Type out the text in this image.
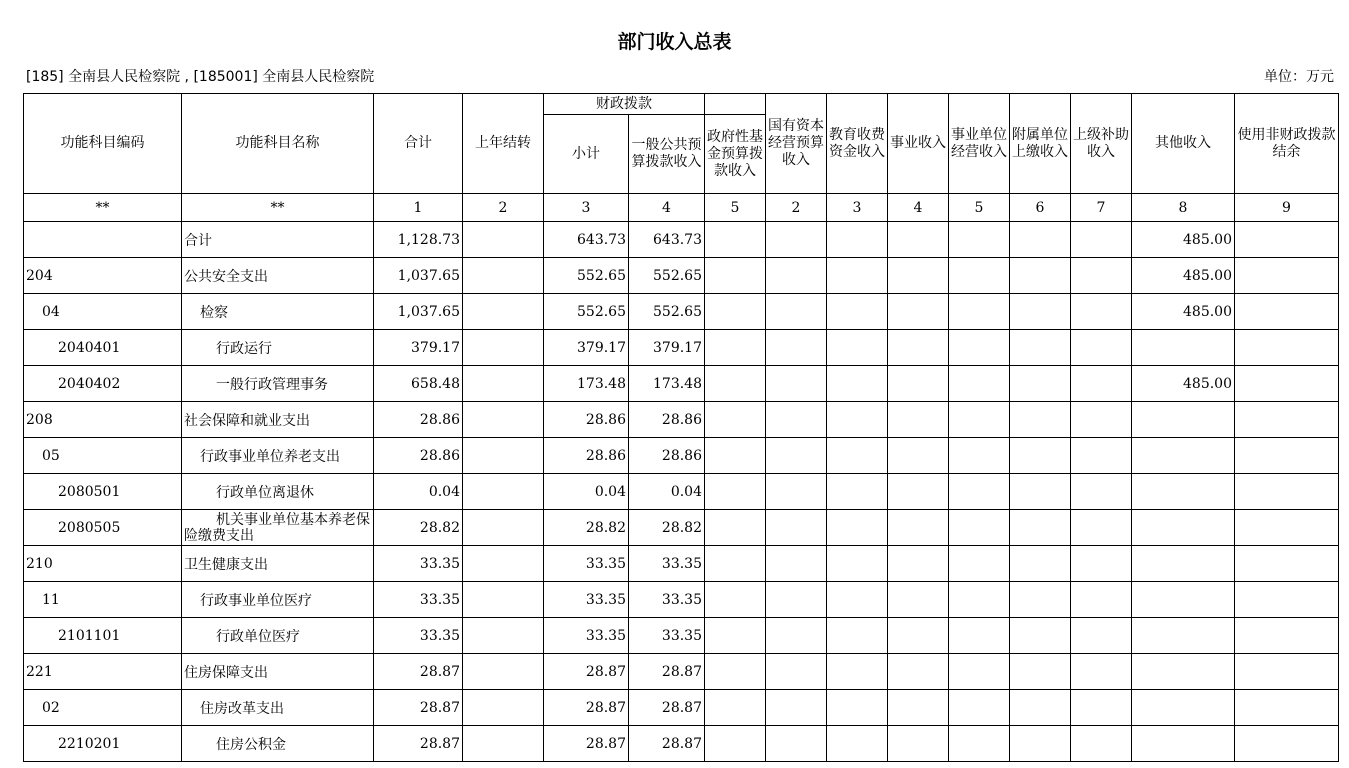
部门收入总表
[185] 全南县人民检察院 , [185001] 全南县人民检察院	单位：万元
功能科目编码	功能科目名称	合计	上年结转	财政拨款			国有资本经营预算收入	教育收费资金收入	事业收入	事业单位经营收入	附属单位上缴收入	上级补助收入	其他收入	使用非财政拨款结余
				小计	一般公共预算拨款收入	政府性基金预算拨款收入								
**	**	1	2	3	4	5	2	3	4	5	6	7	8	9
	合计	1,128.73		643.73	643.73								485.00	
204	公共安全支出	1,037.65		552.65	552.65								485.00	
04	检察	1,037.65		552.65	552.65								485.00	
2040401	行政运行	379.17		379.17	379.17									
2040402	一般行政管理事务	658.48		173.48	173.48								485.00	
208	社会保障和就业支出	28.86		28.86	28.86									
05	行政事业单位养老支出	28.86		28.86	28.86									
2080501	行政单位离退休	0.04		0.04	0.04									
2080505	机关事业单位基本养老保险缴费支出	28.82		28.82	28.82									
210	卫生健康支出	33.35		33.35	33.35									
11	行政事业单位医疗	33.35		33.35	33.35									
2101101	行政单位医疗	33.35		33.35	33.35									
221	住房保障支出	28.87		28.87	28.87									
02	住房改革支出	28.87		28.87	28.87									
2210201	住房公积金	28.87		28.87	28.87									
